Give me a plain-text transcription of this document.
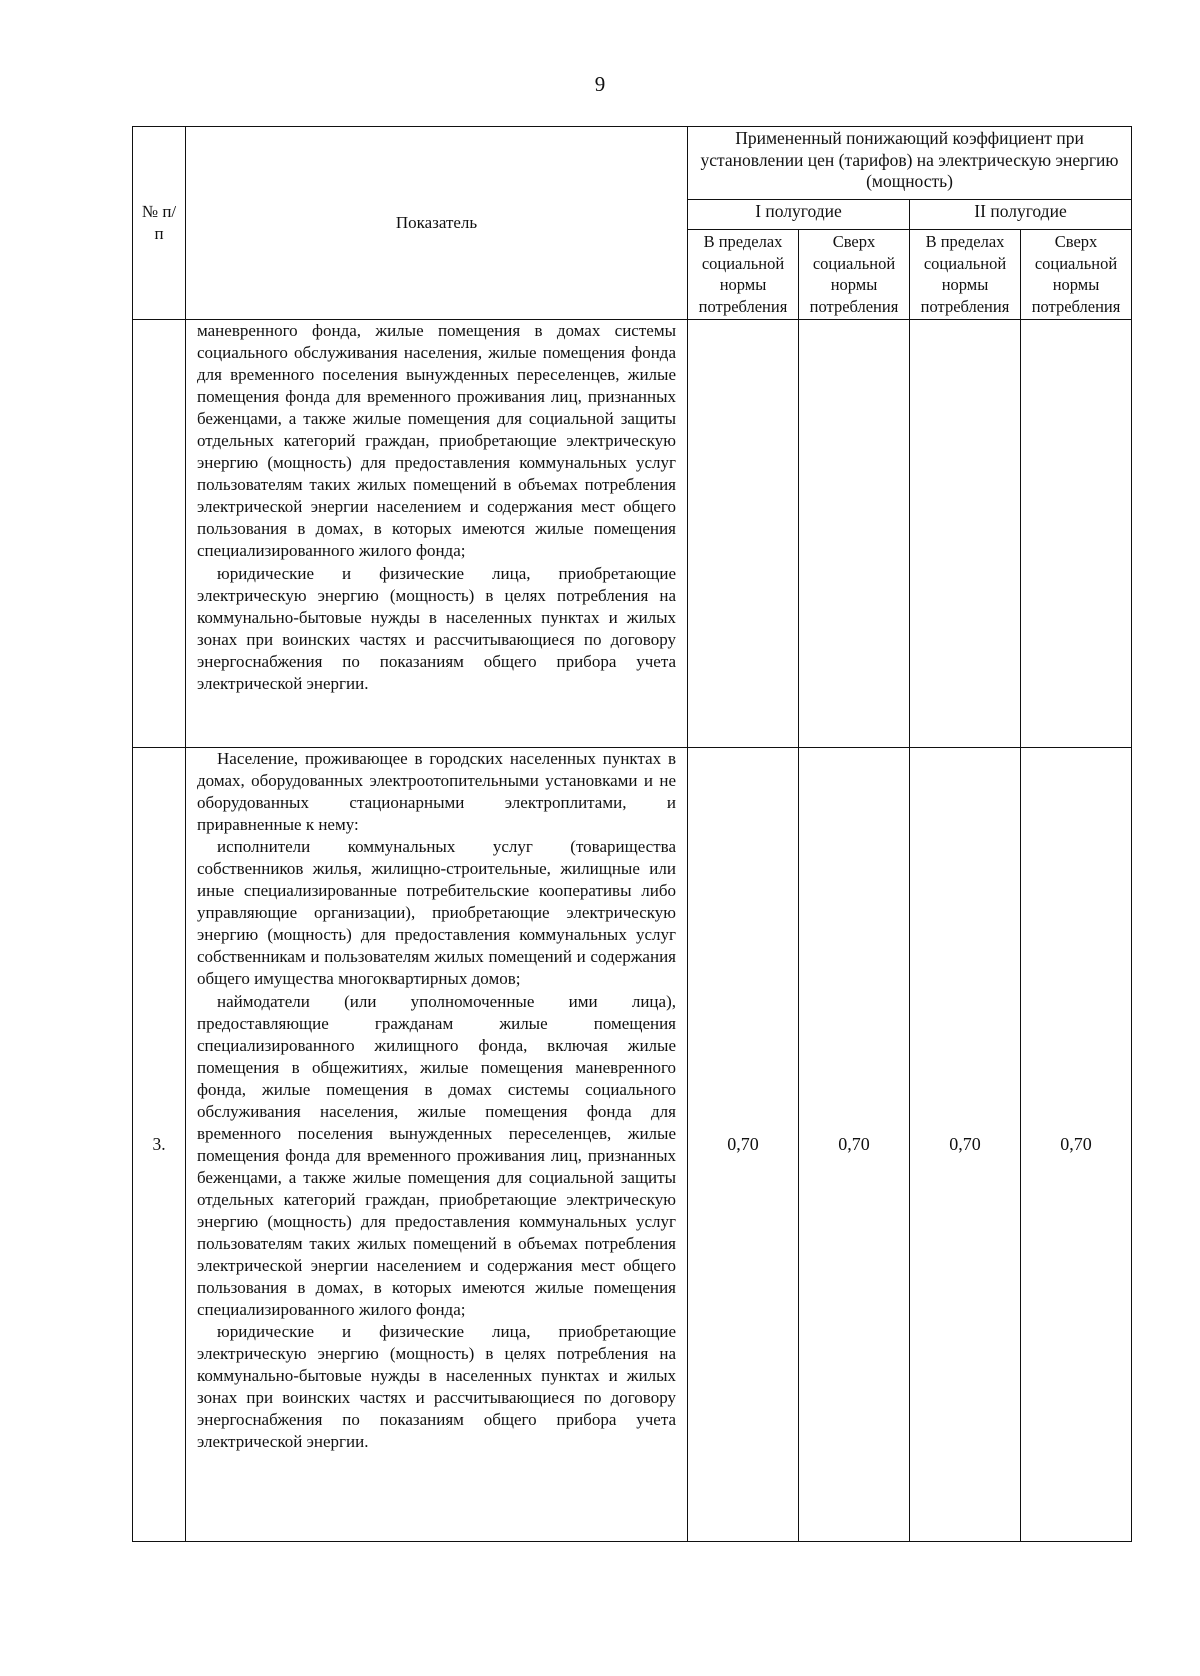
9
№ п/п	Показатель	Примененный понижающий коэффициент при установлении цен (тарифов) на электрическую энергию (мощность)			
		I полугодие		II полугодие	
		В пределах социальной нормы потребления	Сверх социальной нормы потребления	В пределах социальной нормы потребления	Сверх социальной нормы потребления

	маневренного фонда, жилые помещения в домах системы социального обслуживания населения, жилые помещения фонда для временного поселения вынужденных переселенцев, жилые помещения фонда для временного проживания лиц, признанных беженцами, а также жилые помещения для социальной защиты отдельных категорий граждан, приобретающие электрическую энергию (мощность) для предоставления коммунальных услуг пользователям таких жилых помещений в объемах потребления электрической энергии населением и содержания мест общего пользования в домах, в которых имеются жилые помещения специализированного жилого фонда;

юридические и физические лица, приобретающие электрическую энергию (мощность) в целях потребления на коммунально-бытовые нужды в населенных пунктах и жилых зонах при воинских частях и рассчитывающиеся по договору энергоснабжения по показаниям общего прибора учета электрической энергии.				

3.	Население, проживающее в городских населенных пунктах в домах, оборудованных электроотопительными установками и не оборудованных стационарными электроплитами, и приравненные к нему:

исполнители коммунальных услуг (товарищества собственников жилья, жилищно-строительные, жилищные или иные специализированные потребительские кооперативы либо управляющие организации), приобретающие электрическую энергию (мощность) для предоставления коммунальных услуг собственникам и пользователям жилых помещений и содержания общего имущества многоквартирных домов;

наймодатели (или уполномоченные ими лица), предоставляющие гражданам жилые помещения специализированного жилищного фонда, включая жилые помещения в общежитиях, жилые помещения маневренного фонда, жилые помещения в домах системы социального обслуживания населения, жилые помещения фонда для временного поселения вынужденных переселенцев, жилые помещения фонда для временного проживания лиц, признанных беженцами, а также жилые помещения для социальной защиты отдельных категорий граждан, приобретающие электрическую энергию (мощность) для предоставления коммунальных услуг пользователям таких жилых помещений в объемах потребления электрической энергии населением и содержания мест общего пользования в домах, в которых имеются жилые помещения специализированного жилого фонда;

юридические и физические лица, приобретающие электрическую энергию (мощность) в целях потребления на коммунально-бытовые нужды в населенных пунктах и жилых зонах при воинских частях и рассчитывающиеся по договору энергоснабжения по показаниям общего прибора учета электрической энергии.	0,70	0,70	0,70	0,70
